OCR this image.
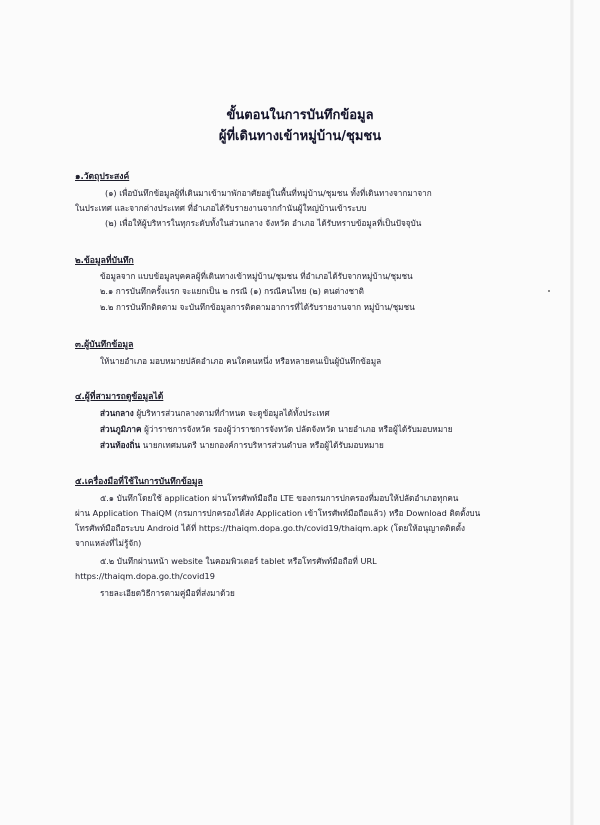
ขั้นตอนในการบันทึกข้อมูล
ผู้ที่เดินทางเข้าหมู่บ้าน/ชุมชน
๑.วัตถุประสงค์
(๑) เพื่อบันทึกข้อมูลผู้ที่เดินมาเข้ามาพักอาศัยอยู่ในพื้นที่หมู่บ้าน/ชุมชน ทั้งที่เดินทางจากมาจาก
ในประเทศ และจากต่างประเทศ ที่อำเภอได้รับรายงานจากกำนันผู้ใหญ่บ้านเข้าระบบ
(๒) เพื่อให้ผู้บริหารในทุกระดับทั้งในส่วนกลาง จังหวัด อำเภอ ได้รับทราบข้อมูลที่เป็นปัจจุบัน
๒.ข้อมูลที่บันทึก
ข้อมูลจาก แบบข้อมูลบุคคลผู้ที่เดินทางเข้าหมู่บ้าน/ชุมชน ที่อำเภอได้รับจากหมู่บ้าน/ชุมชน
๒.๑ การบันทึกครั้งแรก จะแยกเป็น ๒ กรณี (๑) กรณีคนไทย (๒) คนต่างชาติ
๒.๒ การบันทึกติดตาม จะบันทึกข้อมูลการติดตามอาการที่ได้รับรายงานจาก หมู่บ้าน/ชุมชน
๓.ผู้บันทึกข้อมูล
ให้นายอำเภอ มอบหมายปลัดอำเภอ คนใดคนหนึ่ง หรือหลายคนเป็นผู้บันทึกข้อมูล
๔.ผู้ที่สามารถดูข้อมูลได้
ส่วนกลาง ผู้บริหารส่วนกลางตามที่กำหนด จะดูข้อมูลได้ทั้งประเทศ
ส่วนภูมิภาค ผู้ว่าราชการจังหวัด รองผู้ว่าราชการจังหวัด ปลัดจังหวัด นายอำเภอ หรือผู้ได้รับมอบหมาย
ส่วนท้องถิ่น นายกเทศมนตรี นายกองค์การบริหารส่วนตำบล หรือผู้ได้รับมอบหมาย
๕.เครื่องมือที่ใช้ในการบันทึกข้อมูล
๕.๑ บันทึกโดยใช้ application ผ่านโทรศัพท์มือถือ LTE ของกรมการปกครองที่มอบให้ปลัดอำเภอทุกคน
ผ่าน Application ThaiQM (กรมการปกครองได้ส่ง Application เข้าโทรศัพท์มือถือแล้ว) หรือ Download ติดตั้งบน
โทรศัพท์มือถือระบบ Android ได้ที่ https://thaiqm.dopa.go.th/covid19/thaiqm.apk (โดยให้อนุญาตติดตั้ง
จากแหล่งที่ไม่รู้จัก)
๕.๒ บันทึกผ่านหน้า website ในคอมพิวเตอร์ tablet หรือโทรศัพท์มือถือที่ URL
https://thaiqm.dopa.go.th/covid19
รายละเอียดวิธีการตามคู่มือที่ส่งมาด้วย
